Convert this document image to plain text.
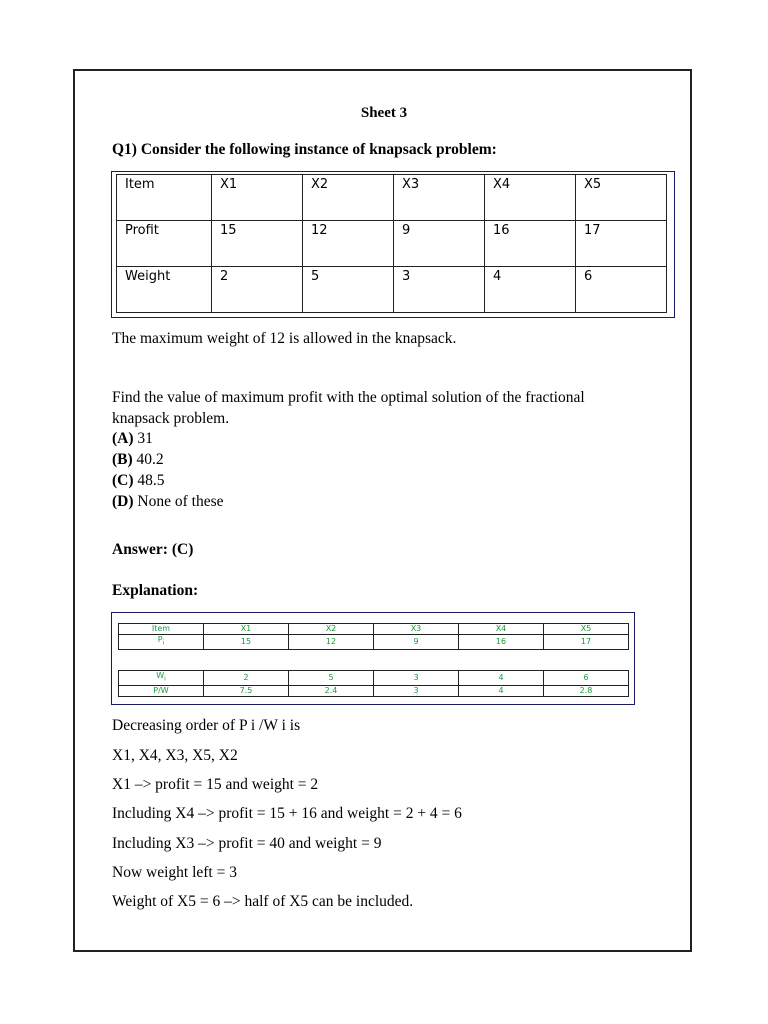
Sheet 3
Q1) Consider the following instance of knapsack problem:
Item	X1	X2	X3	X4	X5
Profit	15	12	9	16	17
Weight	2	5	3	4	6
The maximum weight of 12 is allowed in the knapsack.
Find the value of maximum profit with the optimal solution of the fractional
knapsack problem.
(A) 31
(B) 40.2
(C) 48.5
(D) None of these
Answer: (C)
Explanation:
Item	X1	X2	X3	X4	X5
$P_i$	15	12	9	16	17
$W_i$	2	5	3	4	6
P/W	7.5	2.4	3	4	2.8
Decreasing order of P i /W i is
X1, X4, X3, X5, X2
X1 –> profit = 15 and weight = 2
Including X4 –> profit = 15 + 16 and weight = 2 + 4 = 6
Including X3 –> profit = 40 and weight = 9
Now weight left = 3
Weight of X5 = 6 –> half of X5 can be included.
